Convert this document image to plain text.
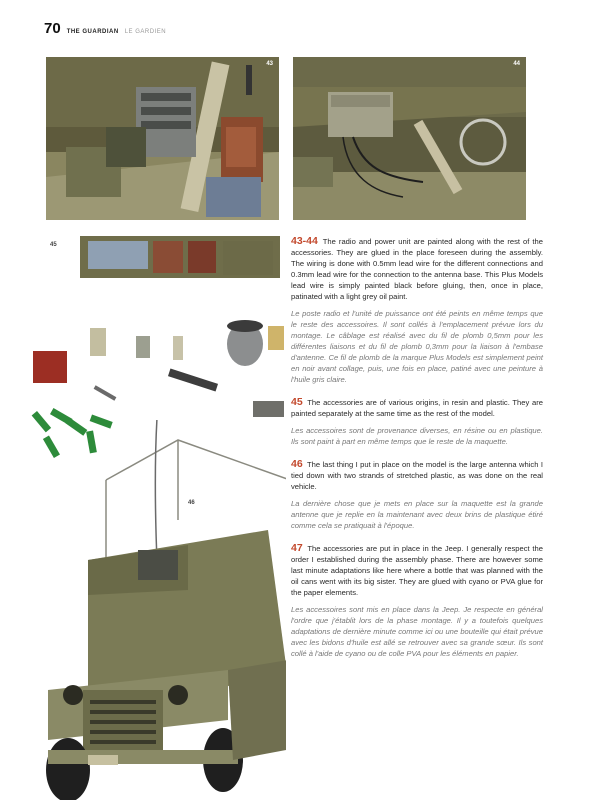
70 THE GUARDIAN LE GARDIEN
43	44
45
46

43-44 The radio and power unit are painted along with the rest of the accessories. They are glued in the place foreseen during the assembly. The wiring is done with 0.5mm lead wire for the different connections and 0.3mm lead wire for the connection to the antenna base. This Plus Models lead wire is simply painted black before gluing, then, once in place, patinated with a light grey oil paint.

Le poste radio et l'unité de puissance ont été peints en même temps que le reste des accessoires. Il sont collés à l'emplacement prévue lors du montage. Le câblage est réalisé avec du fil de plomb 0,5mm pour les différentes liaisons et du fil de plomb 0,3mm pour la liaison à l'embase d'antenne. Ce fil de plomb de la marque Plus Models est simplement peint en noir avant collage, puis, une fois en place, patiné avec une peinture à l'huile gris claire.

45 The accessories are of various origins, in resin and plastic. They are painted separately at the same time as the rest of the model.

Les accessoires sont de provenance diverses, en résine ou en plastique. Ils sont paint à part en même temps que le reste de la maquette.

46 The last thing I put in place on the model is the large antenna which I tied down with two strands of stretched plastic, as was done on the real vehicle.

La dernière chose que je mets en place sur la maquette est la grande antenne que je replie en la maintenant avec deux brins de plastique étiré comme cela se pratiquait à l'époque.

47 The accessories are put in place in the Jeep. I generally respect the order I established during the assembly phase. There are however some last minute adaptations like here where a bottle that was planned with the oil cans went with its big sister. They are glued with cyano or PVA glue for the paper elements.

Les accessoires sont mis en place dans la Jeep. Je respecte en général l'ordre que j'établit lors de la phase montage. Il y a toutefois quelques adaptations de dernière minute comme ici ou une bouteille qui était prévue avec les bidons d'huile est allé se retrouver avec sa grande sœur. Ils sont collé à l'aide de cyano ou de colle PVA pour les éléments en papier.
